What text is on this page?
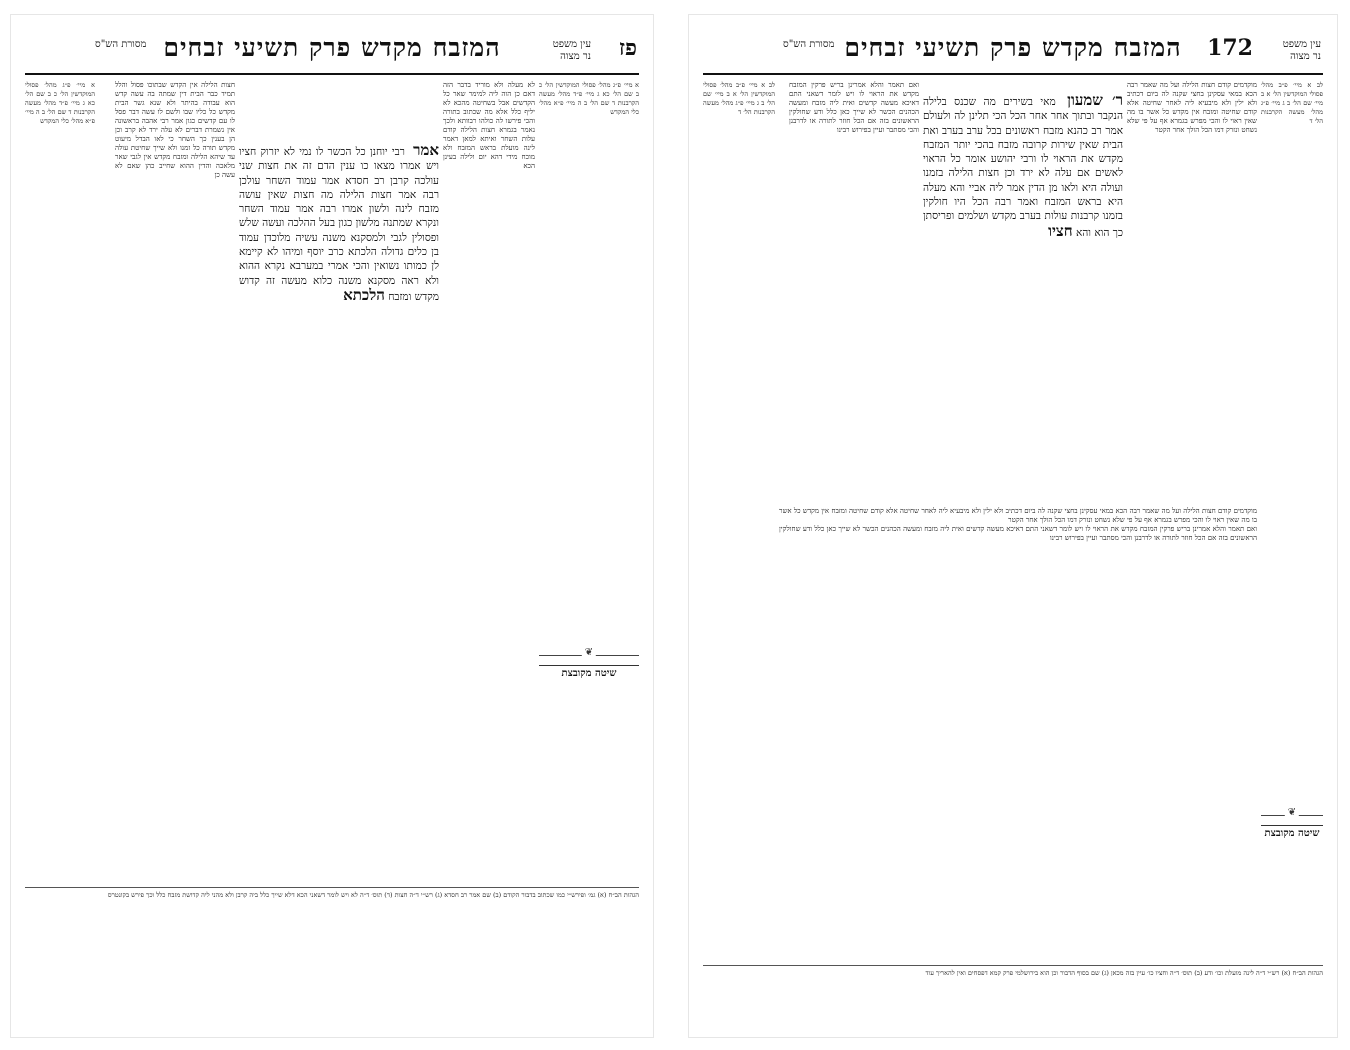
פז
המזבח מקדש פרק תשיעי זבחים
מסורת הש"ס	עין משפט נר מצוה
א מיי׳ פ״ג מהל׳ פסולי המוקדשין הל׳ כ ב שם הל׳ כא ג מיי׳ פ״ד מהל׳ מעשה הקרבנות ד שם הל׳ ב ה מיי׳ פ״א מהל׳ כלי המקדש
לא מעלה ולא מוריד בדבר הזה דאם כן הוה ליה למימר שאר כל הקדשים אבל בשחיטה מהכא לא יליף כלל אלא מה שכתוב בתורה והכי פירשו לה כולהו רבוותא ולכך נאמר בגמרא חצות הלילה קודם עלות השחר ואיתא למאן דאמר לינה מועלת בראש המזבח ולא מוכח מידי דהא יום ולילה בעינן הכא
אמר רבי יוחנן כל הכשר לו נמי לא יזרוק חציו ויש אמרו מצאו כו ענין הדם זה את חצות שני עולכה קרבן רב חסדא אמר עמוד השחר עולכן רבה אמר חצות הלילה מה חצות שאין עושה מזבח לינה ולשון אמרו רבה אמר עמוד השחר ונקרא שמתנה מלשון כגון בעל ההלכה ועשה שלש ופסולין לגבי ולמסקנא משנה עשיה מלוכדן עמוד בן כלים גדולה הלכתא כרב יוסף ומיהו לא קיימא לן כמותו נשואין והכי אמרי במערבא נקרא ההוא ולא ראה מסקנא משנה כלוא מעשה זה קדוש מקדש ומזבח הלכתא
חצות הלילה אין הקדש שבתוכו פסול והלל תמיד כבר הבית דין שמתה בה עשה קדש הוא עבודה בהיתר ולא שנא גשר הבית מקדש כל כליו שבו ולשם לו עשה דבר פסל לו עם קדשים כגון אמר רבי אהבה בראשונה אין נשמרת דברים לא עלה ירד לא קרב וכן הן בענין כך השחר כי לאו הבדל מיעוט מקדש תורה כל זמנו ולא שייך שחיטת עולה עד שיהא הלילה ומזבח מקדש אין לגבי שאר מלאכה והדין ההוא שחייב כהן שאם לא עשה כן
א מיי׳ פ״ג מהל׳ פסולי המוקדשין הל׳ כ ב שם הל׳ כא ג מיי׳ פ״ד מהל׳ מעשה הקרבנות ד שם הל׳ ב ה מיי׳ פ״א מהל׳ כלי המקדש
❦
שיטה מקובצת
הגהות הב״ח (א) גמ׳ ופירש״י כמו שכתוב בדבור הקודם (ב) שם אמר רב חסדא (ג) רש״י ד״ה חצות (ד) תוס׳ ד״ה לא ויש לומר דשאני הכא דלא שייך כלל ביה קרבן ולא מהני ליה קדושת מזבח כלל וכך פירש בקונטרס
עין משפט נר מצוה
172
המזבח מקדש פרק תשיעי זבחים
מסורת הש"ס
לב א מיי׳ פ״ב מהל׳ פסולי המוקדשין הל׳ א ב מיי׳ שם הל׳ ב ג מיי׳ פ״ג מהל׳ מעשה הקרבנות הל׳ ד
מוקדמים קודם חצות הלילה ועל מה שאמר רבה הכא במאי עסקינן בחצי שקנה לה ביום דכתיב ולא ילין ולא מיבעיא ליה לאחר שחיטה אלא קודם שחיטה ומזבח אין מקדש כל אשר בו מה שאין ראוי לו והכי מפרש בגמרא אף על פי שלא נשחט ונזרק דמו הכל הולך אחר הקטר
ר׳ שמעון מאי בשירים מה שכנס בלילה הנקבר ובתוך אחר אחר הכל הכי תלינן לה ולעולם אמר רב כהנא מזבח ראשונים בכל ערב בערב ואת הבית שאין שירות קרובה מזבח בהכי יותר המזבח מקדש את הראוי לו ורבי יהושע אומר כל הראוי לאשים אם עלה לא ירד וכן חצות הלילה בזמנו ועולה היא ולאו מן הדין אמר ליה אביי והא מעלה היא בראש המזבח ואמר רבה הכל היו חולקין בזמנו קרבנות עולות בערב מקדש ושלמים ופריסתן כך הוא והא חציו
ואם תאמר והלא אמרינן בריש פרקין המזבח מקדש את הראוי לו ויש לומר דשאני התם דאיכא מעשה קדשים ואית ליה מזבח ומעשה הכהנים הכשר לא שייך כאן כלל ודע שחולקין הראשונים בזה אם הכל חוזר לתורה או לדרבנן והכי מסתבר ועיין בפירוש רבינו
לב א מיי׳ פ״ב מהל׳ פסולי המוקדשין הל׳ א ב מיי׳ שם הל׳ ב ג מיי׳ פ״ג מהל׳ מעשה הקרבנות הל׳ ד
מוקדמים קודם חצות הלילה ועל מה שאמר רבה הכא במאי עסקינן בחצי שקנה לה ביום דכתיב ולא ילין ולא מיבעיא ליה לאחר שחיטה אלא קודם שחיטה ומזבח אין מקדש כל אשר בו מה שאין ראוי לו והכי מפרש בגמרא אף על פי שלא נשחט ונזרק דמו הכל הולך אחר הקטר
ואם תאמר והלא אמרינן בריש פרקין המזבח מקדש את הראוי לו ויש לומר דשאני התם דאיכא מעשה קדשים ואית ליה מזבח ומעשה הכהנים הכשר לא שייך כאן כלל ודע שחולקין הראשונים בזה אם הכל חוזר לתורה או לדרבנן והכי מסתבר ועיין בפירוש רבינו
❦
שיטה מקובצת
הגהות הב״ח (א) רש״י ד״ה לינה מועלת וכו׳ ודע (ב) תוס׳ ד״ה וחציו כו׳ עיין בזה מכאן (ג) שם בסוף הדבור וכן הוא בירושלמי פרק קמא דפסחים ואין להאריך עוד
